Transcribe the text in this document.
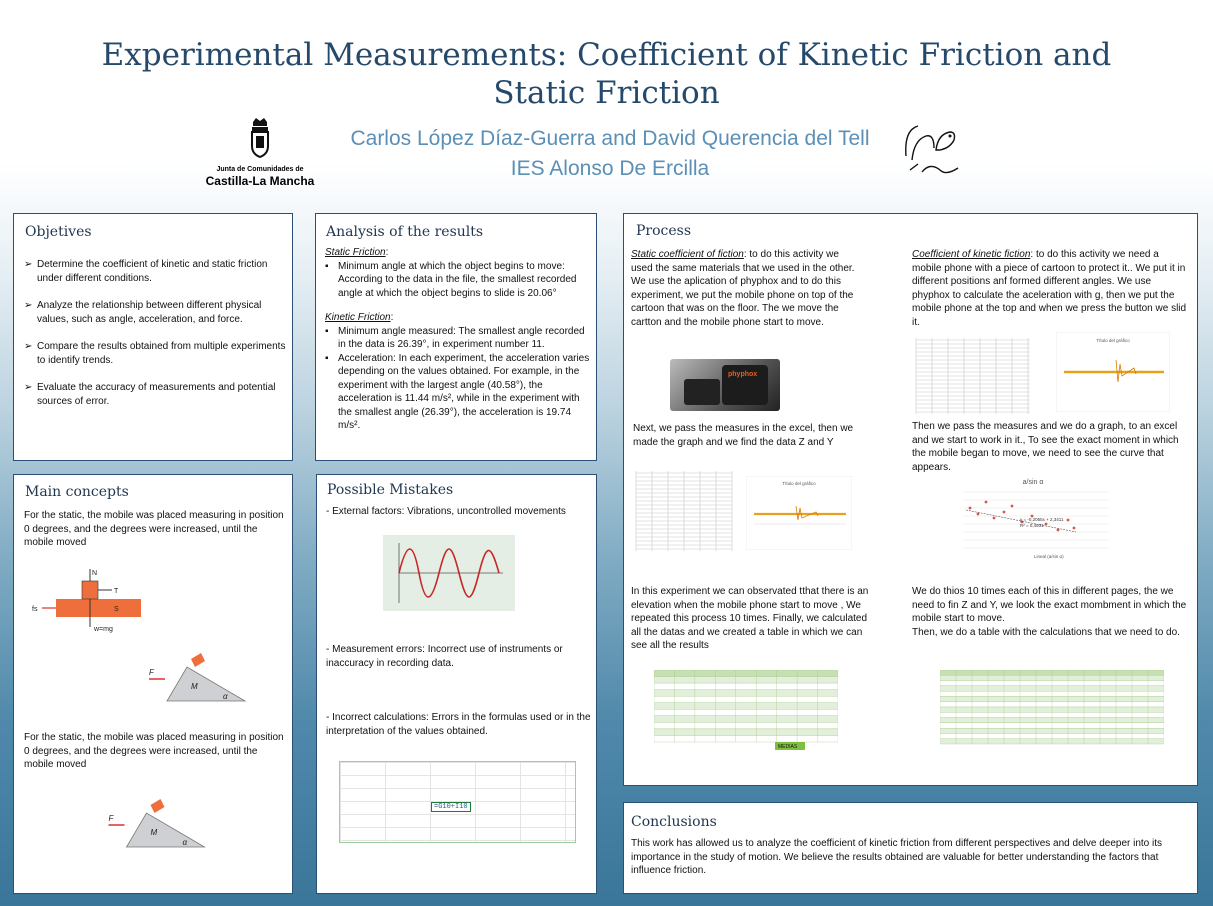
Experimental Measurements: Coefficient of Kinetic Friction and Static Friction
Junta de Comunidades de
Castilla-La Mancha
Carlos López Díaz-Guerra and David Querencia del Tell
IES Alonso De Ercilla
Objetives
➢ Determine the coefficient of kinetic and static friction under different conditions.
➢ Analyze the relationship between different physical values, such as angle, acceleration, and force.
➢ Compare the results obtained from multiple experiments to identify trends.
➢ Evaluate the accuracy of measurements and potential sources of error.
Analysis of the results
Static Friction:
▪ Minimum angle at which the object begins to move: According to the data in the file, the smallest recorded angle at which the object begins to slide is 20.06°
Kinetic Friction:
▪ Minimum angle measured: The smallest angle recorded in the data is 26.39°, in experiment number 11.
▪ Acceleration: In each experiment, the acceleration varies depending on the values obtained. For example, in the experiment with the largest angle (40.58°), the acceleration is 11.44 m/s², while in the experiment with the smallest angle (26.39°), the acceleration is 19.74 m/s².
Main concepts
For the static, the mobile was placed measuring in position 0 degrees, and the degrees were increased, until the mobile moved
N
T
fs	S
w=mg
F
M
α
For the static, the mobile was placed measuring in position 0 degrees, and the degrees were increased, until the mobile moved
F
M
α
Possible Mistakes
- External factors: Vibrations, uncontrolled movements
- Measurement errors: Incorrect use of instruments or inaccuracy in recording data.
- Incorrect calculations: Errors in the formulas used or in the interpretation of the values obtained.
=G10+I10
Process
Static coefficient of fiction: to do this activity we used the same materials that we used in the other.
We use the aplication of phyphox and to do this experiment, we put the mobile phone on top of the cartoon that was on the floor. The we move the cartton and the mobile phone start to move.
phyphox
Next, we pass the measures in the excel, then we made the graph and we find the data Z and Y
Título del gráfico
In this experiment we can observated tthat there is an elevation when the mobile phone start to move , We repeated this process 10 times. Finally, we calculated all the datas and we created a table in which we can see all the results
MEDIAS
Coefficient of kinetic fiction: to do this activity we need a mobile phone with a piece of cartoon to protect it.. We put it in different positions anf formed different angles. We use phyphox to calculate the aceleration with g, then we put the mobile phone at the top and when we press the button we slid it.
Título del gráfico
Then we pass the measures and we do a graph, to an excel and we start to work in it., To see the exact moment in which the mobile began to move, we need to see the curve that appears.
a/sin α
y = -0,2055x + 2,3411
R² = 0,4931
Lineal (a/sin α)
We do thios 10 times each of this in different pages, the we need to fin Z and Y, we look the exact mombment in which the mobile start to move.
Then, we do a table with the calculations that we need to do.
Conclusions
This work has allowed us to analyze the coefficient of kinetic friction from different perspectives and delve deeper into its importance in the study of motion. We believe the results obtained are valuable for better understanding the factors that influence friction.
